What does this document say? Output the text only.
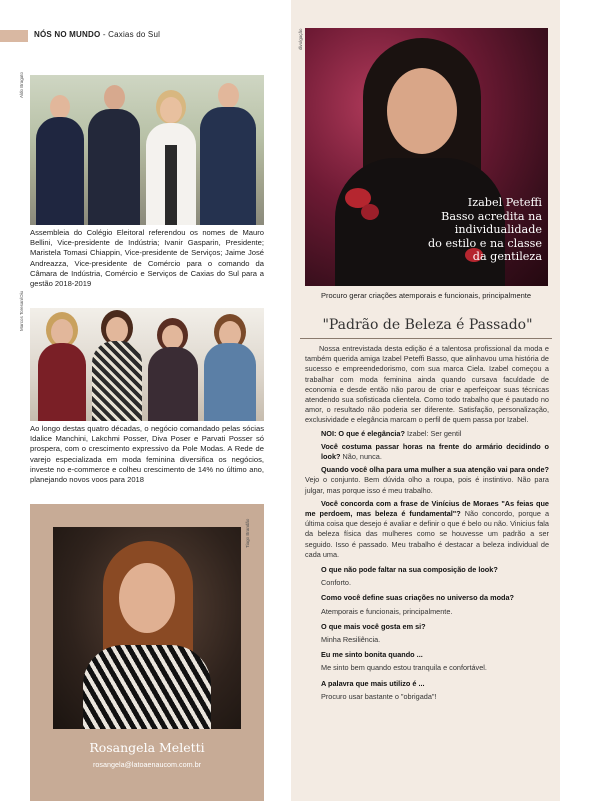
NÓS NO MUNDO - Caxias do Sul
Aldo Bragato
Assembleia do Colégio Eleitoral referendou os nomes de Mauro Bellini, Vice-presidente de Indústria; Ivanir Gasparin, Presidente; Maristela Tomasi Chiappin, Vice-presidente de Serviços; Jaime José Andreazza, Vice-presidente de Comércio para o comando da Câmara de Indústria, Comércio e Serviços de Caxias do Sul para a gestão 2018-2019
Marcos Toresan/Oiu
Ao longo destas quatro décadas, o negócio comandado pelas sócias Idalice Manchini, Lakchmi Posser, Diva Poser e Parvati Posser só prospera, com o crescimento expressivo da Pole Modas. A Rede de varejo especializada em moda feminina diversifica os negócios, investe no e-commerce e colheu crescimento de 14% no último ano, planejando novos voos para 2018
Tiago Brandão
Rosangela Meletti
rosangela@latoaenaucom.com.br
divulgação
Izabel Peteffi
Basso acredita na
individualidade
do estilo e na classe
da gentileza
Procuro gerar criações atemporais e funcionais, principalmente
"Padrão de Beleza é Passado"

Nossa entrevistada desta edição é a talentosa profissional da moda e também querida amiga Izabel Peteffi Basso, que alinhavou uma história de sucesso e empreendedorismo, com sua marca Ciela. Izabel começou a trabalhar com moda feminina ainda quando cursava faculdade de economia e desde então não parou de criar e aperfeiçoar suas técnicas atendendo sua sofisticada clientela. Como todo trabalho que é pautado no amor, o resultado não poderia ser diferente. Satisfação, personalização, exclusividade e elegância marcam o perfil de quem passa por Izabel.

NOI: O que é elegância? Izabel: Ser gentil

Você costuma passar horas na frente do armário decidindo o look? Não, nunca.

Quando você olha para uma mulher a sua atenção vai para onde? Vejo o conjunto. Bem dúvida olho a roupa, pois é instintivo. Não para julgar, mas porque isso é meu trabalho.

Você concorda com a frase de Vinícius de Moraes "As feias que me perdoem, mas beleza é fundamental"? Não concordo, porque a última coisa que desejo é avaliar e definir o que é belo ou não. Vinicius fala da beleza física das mulheres como se houvesse um padrão a ser seguido. Isso é passado. Meu trabalho é destacar a beleza individual de cada uma.

O que não pode faltar na sua composição de look?
Conforto.
Como você define suas criações no universo da moda?
Atemporais e funcionais, principalmente.
O que mais você gosta em si?
Minha Resiliência.
Eu me sinto bonita quando ...
Me sinto bem quando estou tranquila e confortável.
A palavra que mais utilizo é ...
Procuro usar bastante o "obrigada"!
